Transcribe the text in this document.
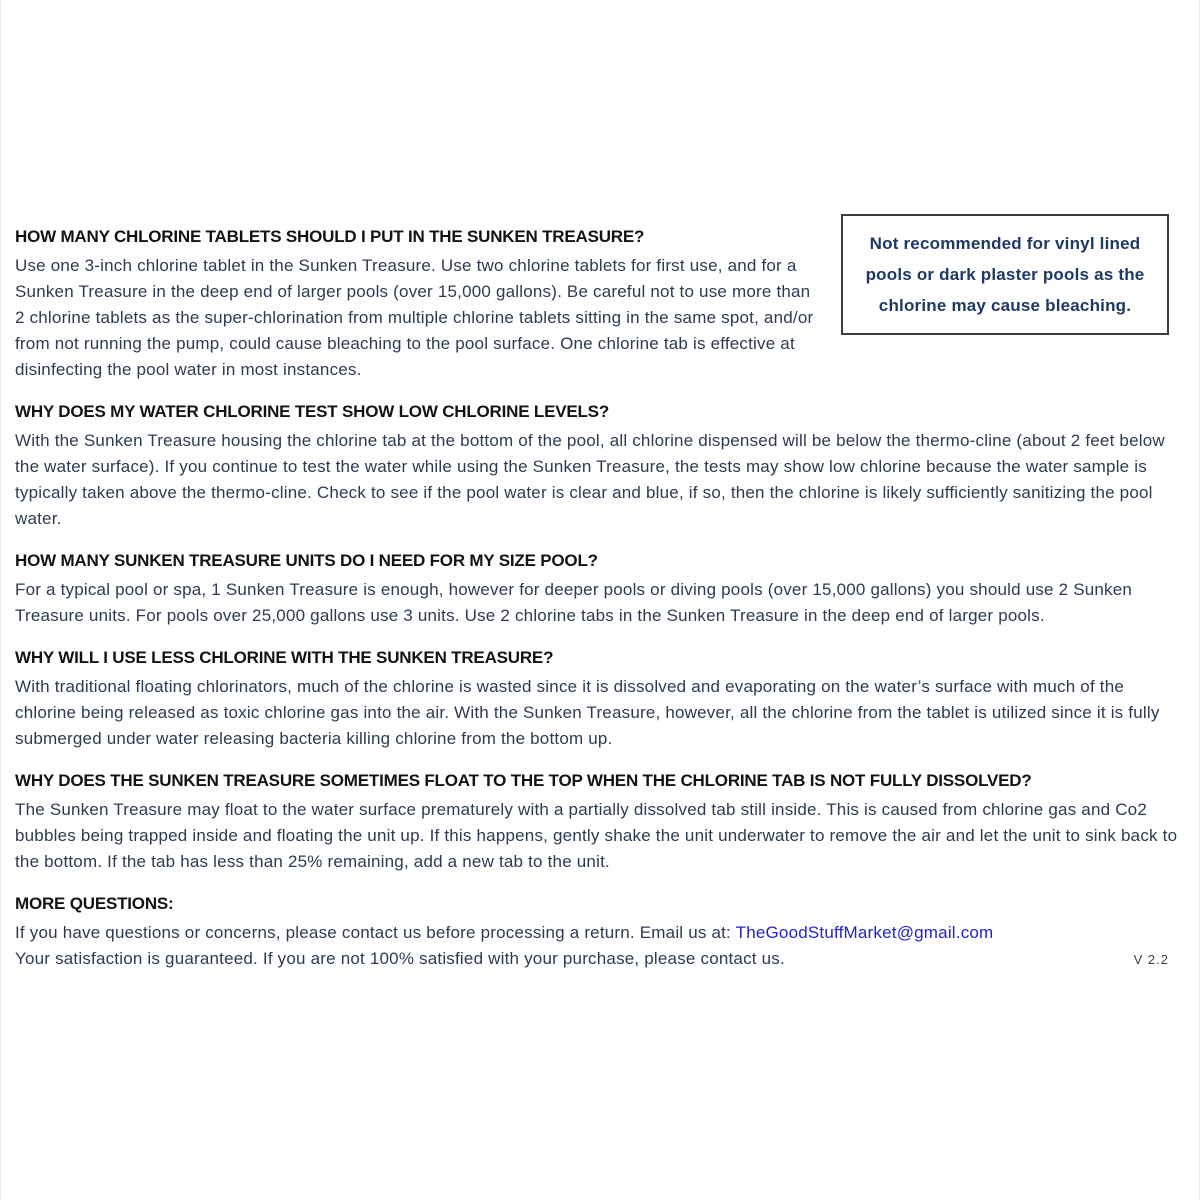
Not recommended for vinyl lined pools or dark plaster pools as the chlorine may cause bleaching.
HOW MANY CHLORINE TABLETS SHOULD I PUT IN THE SUNKEN TREASURE?

Use one 3-inch chlorine tablet in the Sunken Treasure. Use two chlorine tablets for first use, and for a Sunken Treasure in the deep end of larger pools (over 15,000 gallons). Be careful not to use more than 2 chlorine tablets as the super-chlorination from multiple chlorine tablets sitting in the same spot, and/or from not running the pump, could cause bleaching to the pool surface. One chlorine tab is effective at disinfecting the pool water in most instances.

WHY DOES MY WATER CHLORINE TEST SHOW LOW CHLORINE LEVELS?

With the Sunken Treasure housing the chlorine tab at the bottom of the pool, all chlorine dispensed will be below the thermo-cline (about 2 feet below the water surface). If you continue to test the water while using the Sunken Treasure, the tests may show low chlorine because the water sample is typically taken above the thermo-cline. Check to see if the pool water is clear and blue, if so, then the chlorine is likely sufficiently sanitizing the pool water.

HOW MANY SUNKEN TREASURE UNITS DO I NEED FOR MY SIZE POOL?

For a typical pool or spa, 1 Sunken Treasure is enough, however for deeper pools or diving pools (over 15,000 gallons) you should use 2 Sunken Treasure units. For pools over 25,000 gallons use 3 units. Use 2 chlorine tabs in the Sunken Treasure in the deep end of larger pools.

WHY WILL I USE LESS CHLORINE WITH THE SUNKEN TREASURE?

With traditional floating chlorinators, much of the chlorine is wasted since it is dissolved and evaporating on the water’s surface with much of the chlorine being released as toxic chlorine gas into the air. With the Sunken Treasure, however, all the chlorine from the tablet is utilized since it is fully submerged under water releasing bacteria killing chlorine from the bottom up.

WHY DOES THE SUNKEN TREASURE SOMETIMES FLOAT TO THE TOP WHEN THE CHLORINE TAB IS NOT FULLY DISSOLVED?

The Sunken Treasure may float to the water surface prematurely with a partially dissolved tab still inside. This is caused from chlorine gas and Co2 bubbles being trapped inside and floating the unit up. If this happens, gently shake the unit underwater to remove the air and let the unit to sink back to the bottom. If the tab has less than 25% remaining, add a new tab to the unit.

MORE QUESTIONS:

If you have questions or concerns, please contact us before processing a return. Email us at: TheGoodStuffMarket@gmail.com
Your satisfaction is guaranteed. If you are not 100% satisfied with your purchase, please contact us.	V 2.2
